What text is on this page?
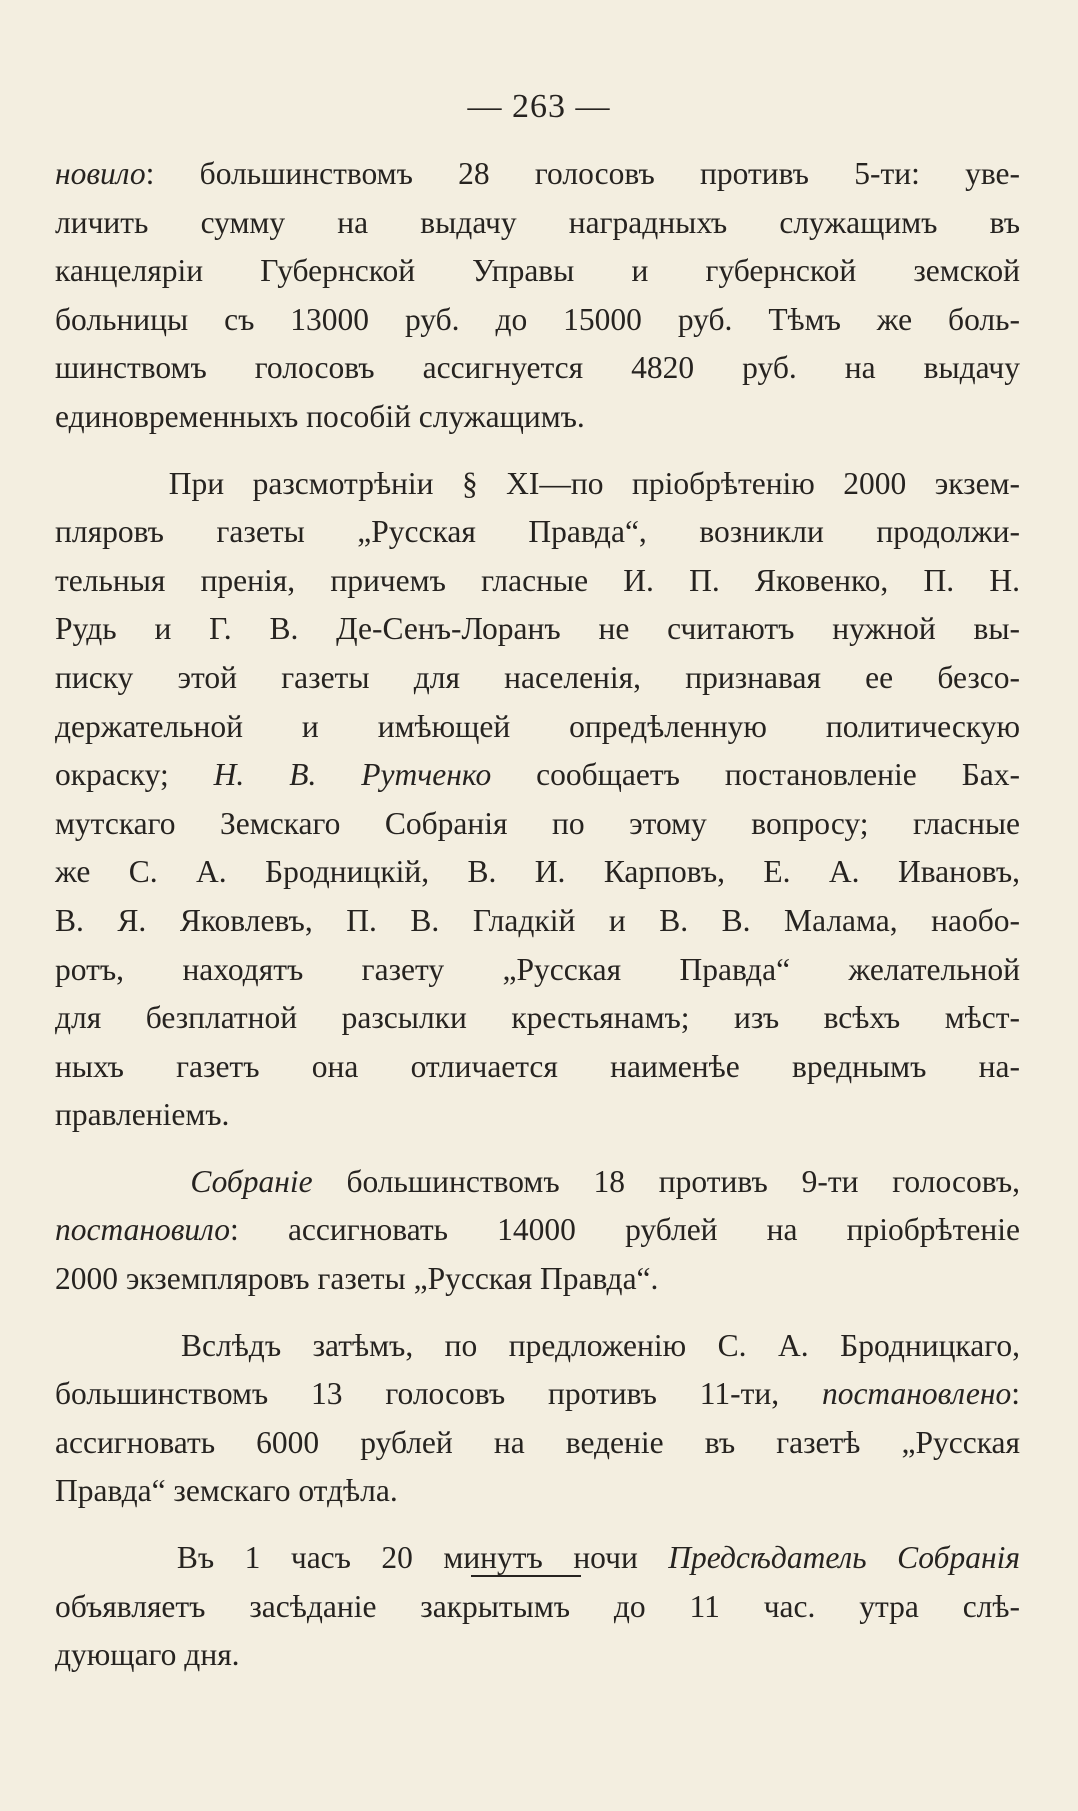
— 263 —
новило: большинствомъ 28 голосовъ противъ 5-ти: уве-
личить сумму на выдачу наградныхъ служащимъ въ
канцеляріи Губернской Управы и губернской земской
больницы съ 13000 руб. до 15000 руб. Тѣмъ же боль-
шинствомъ голосовъ ассигнуется 4820 руб. на выдачу
единовременныхъ пособій служащимъ.
При разсмотрѣніи § XI—по пріобрѣтенію 2000 экзем-
пляровъ газеты „Русская Правда“, возникли продолжи-
тельныя пренія, причемъ гласные И. П. Яковенко, П. Н.
Рудь и Г. В. Де-Сенъ-Лоранъ не считаютъ нужной вы-
писку этой газеты для населенія, признавая ее безсо-
держательной и имѣющей опредѣленную политическую
окраску; Н. В. Рутченко сообщаетъ постановленіе Бах-
мутскаго Земскаго Собранія по этому вопросу; гласные
же С. А. Бродницкій, В. И. Карповъ, Е. А. Ивановъ,
В. Я. Яковлевъ, П. В. Гладкій и В. В. Малама, наобо-
ротъ, находятъ газету „Русская Правда“ желательной
для безплатной разсылки крестьянамъ; изъ всѣхъ мѣст-
ныхъ газетъ она отличается наименѣе вреднымъ на-
правленіемъ.
Собраніе большинствомъ 18 противъ 9-ти голосовъ,
постановило: ассигновать 14000 рублей на пріобрѣтеніе
2000 экземпляровъ газеты „Русская Правда“.
Вслѣдъ затѣмъ, по предложенію С. А. Бродницкаго,
большинствомъ 13 голосовъ противъ 11-ти, постановлено:
ассигновать 6000 рублей на веденіе въ газетѣ „Русская
Правда“ земскаго отдѣла.
Въ 1 часъ 20 минутъ ночи Предсѣдатель Собранія
объявляетъ засѣданіе закрытымъ до 11 час. утра слѣ-
дующаго дня.
